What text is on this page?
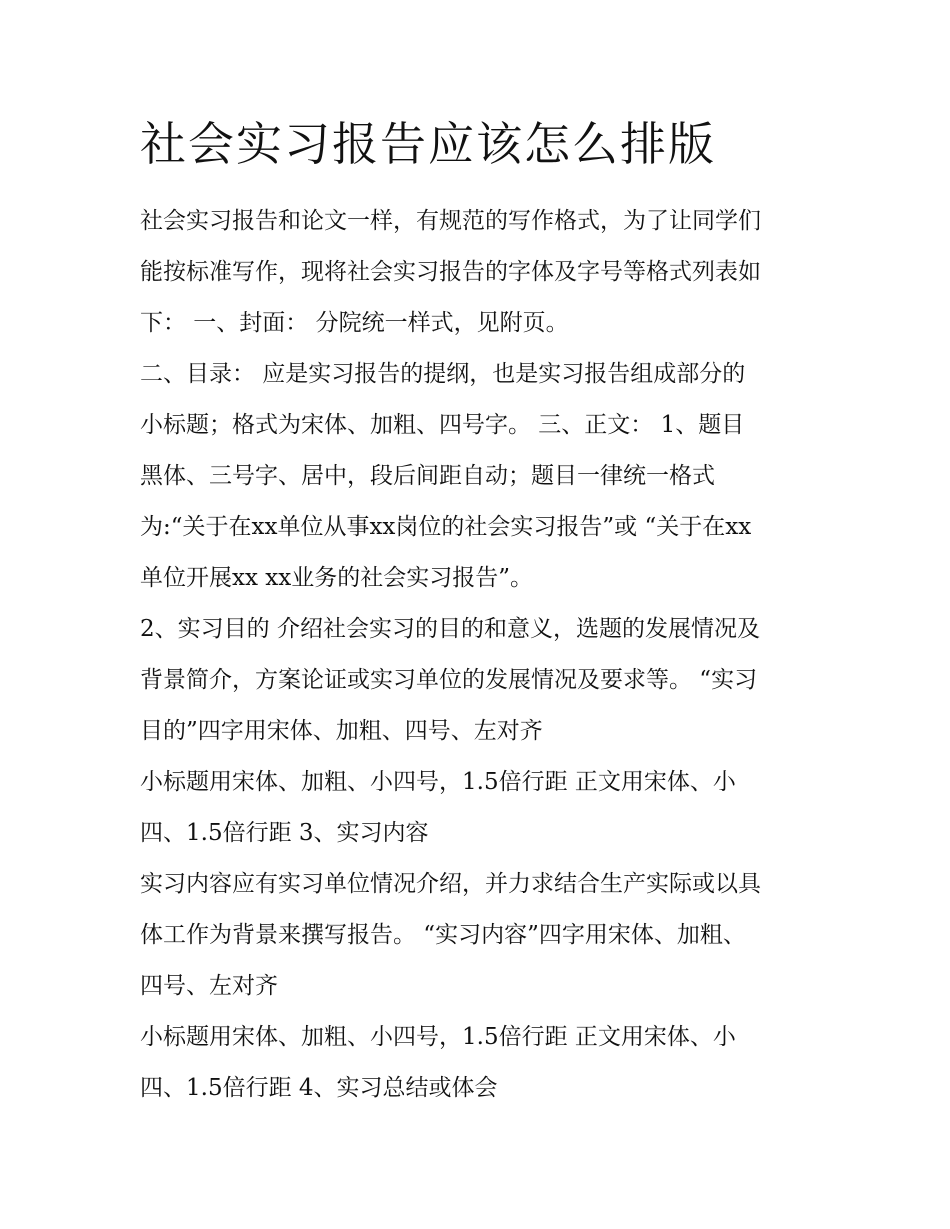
社会实习报告应该怎么排版

社会实习报告和论文一样，有规范的写作格式，为了让同学们

能按标准写作，现将社会实习报告的字体及字号等格式列表如

下： 一、封面： 分院统一样式，见附页。

二、目录： 应是实习报告的提纲，也是实习报告组成部分的

小标题；格式为宋体、加粗、四号字。 三、正文： 1、题目

黑体、三号字、居中，段后间距自动；题目一律统一格式

为:“关于在xx单位从事xx岗位的社会实习报告”或 “关于在xx

单位开展xx xx业务的社会实习报告”。

2、实习目的 介绍社会实习的目的和意义，选题的发展情况及

背景简介，方案论证或实习单位的发展情况及要求等。 “实习

目的”四字用宋体、加粗、四号、左对齐

小标题用宋体、加粗、小四号，1.5倍行距 正文用宋体、小

四、1.5倍行距 3、实习内容

实习内容应有实习单位情况介绍，并力求结合生产实际或以具

体工作为背景来撰写报告。 “实习内容”四字用宋体、加粗、

四号、左对齐

小标题用宋体、加粗、小四号，1.5倍行距 正文用宋体、小

四、1.5倍行距 4、实习总结或体会
